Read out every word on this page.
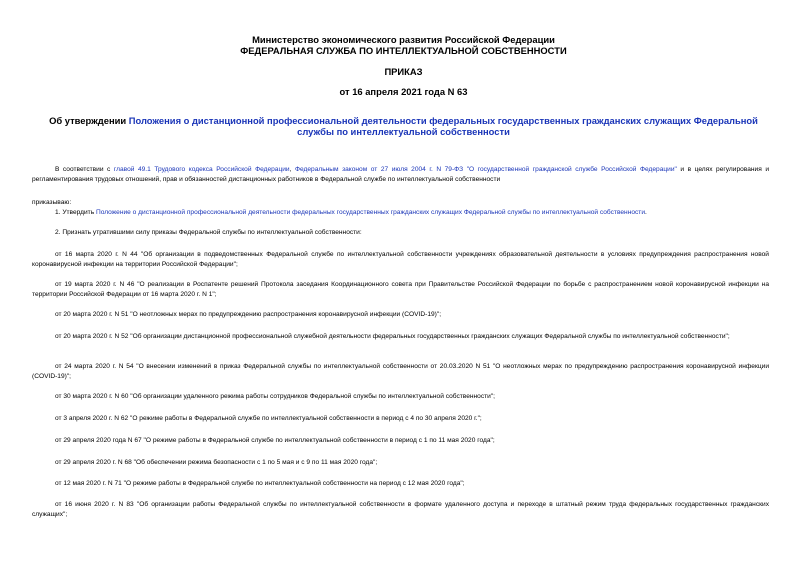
Министерство экономического развития Российской Федерации
ФЕДЕРАЛЬНАЯ СЛУЖБА ПО ИНТЕЛЛЕКТУАЛЬНОЙ СОБСТВЕННОСТИ
ПРИКАЗ
от 16 апреля 2021 года N 63
Об утверждении Положения о дистанционной профессиональной деятельности федеральных государственных гражданских служащих Федеральной службы по интеллектуальной собственности

В соответствии с главой 49.1 Трудового кодекса Российской Федерации, Федеральным законом от 27 июля 2004 г. N 79-ФЗ "О государственной гражданской службе Российской Федерации" и в целях регулирования и регламентирования трудовых отношений, прав и обязанностей дистанционных работников в Федеральной службе по интеллектуальной собственности

приказываю:

1. Утвердить Положение о дистанционной профессиональной деятельности федеральных государственных гражданских служащих Федеральной службы по интеллектуальной собственности.

2. Признать утратившими силу приказы Федеральной службы по интеллектуальной собственности:

от 16 марта 2020 г. N 44 "Об организации в подведомственных Федеральной службе по интеллектуальной собственности учреждениях образовательной деятельности в условиях предупреждения распространения новой коронавирусной инфекции на территории Российской Федерации";

от 19 марта 2020 г. N 46 "О реализации в Роспатенте решений Протокола заседания Координационного совета при Правительстве Российской Федерации по борьбе с распространением новой коронавирусной инфекции на территории Российской Федерации от 16 марта 2020 г. N 1";

от 20 марта 2020 г. N 51 "О неотложных мерах по предупреждению распространения коронавирусной инфекции (COVID-19)";

от 20 марта 2020 г. N 52 "Об организации дистанционной профессиональной служебной деятельности федеральных государственных гражданских служащих Федеральной службы по интеллектуальной собственности";

от 24 марта 2020 г. N 54 "О внесении изменений в приказ Федеральной службы по интеллектуальной собственности от 20.03.2020 N 51 "О неотложных мерах по предупреждению распространения коронавирусной инфекции (COVID-19)";

от 30 марта 2020 г. N 60 "Об организации удаленного режима работы сотрудников Федеральной службы по интеллектуальной собственности";

от 3 апреля 2020 г. N 62 "О режиме работы в Федеральной службе по интеллектуальной собственности в период с 4 по 30 апреля 2020 г.";

от 29 апреля 2020 года N 67 "О режиме работы в Федеральной службе по интеллектуальной собственности в период с 1 по 11 мая 2020 года";

от 29 апреля 2020 г. N 68 "Об обеспечении режима безопасности с 1 по 5 мая и с 9 по 11 мая 2020 года";

от 12 мая 2020 г. N 71 "О режиме работы в Федеральной службе по интеллектуальной собственности на период с 12 мая 2020 года";

от 16 июня 2020 г. N 83 "Об организации работы Федеральной службы по интеллектуальной собственности в формате удаленного доступа и переходе в штатный режим труда федеральных государственных гражданских служащих";
